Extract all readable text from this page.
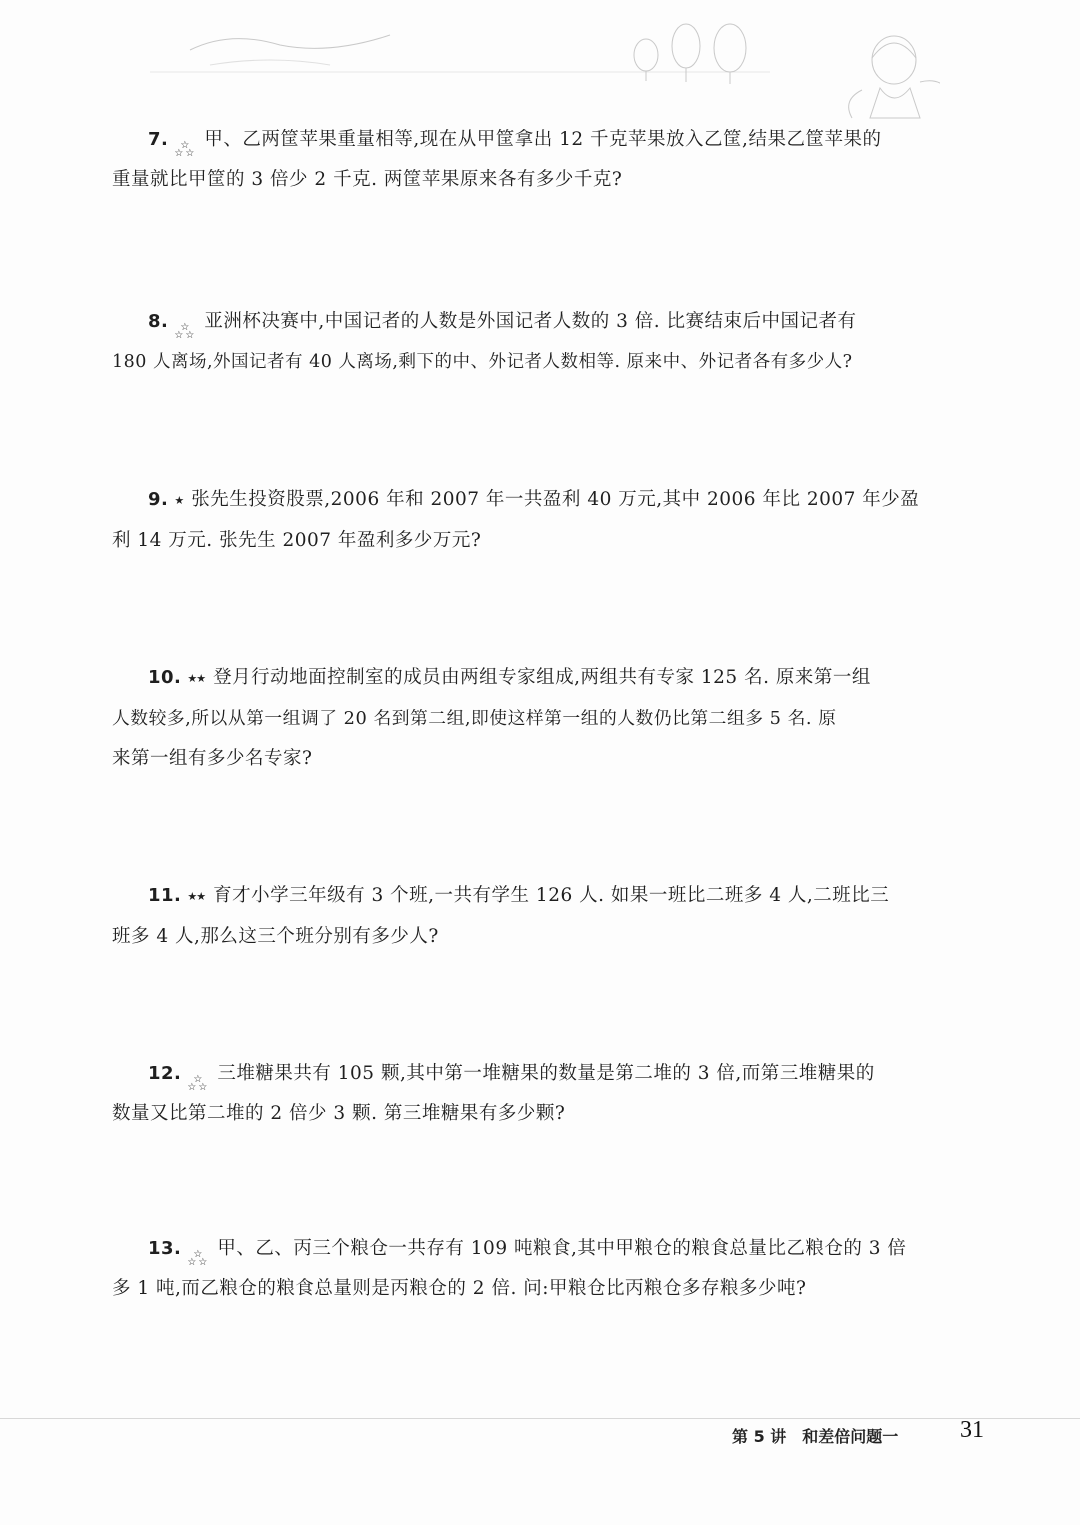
7. ☆
☆ ☆
甲、乙两筐苹果重量相等,现在从甲筐拿出 12 千克苹果放入乙筐,结果乙筐苹果的
重量就比甲筐的 3 倍少 2 千克. 两筐苹果原来各有多少千克?
8. ☆
☆ ☆
亚洲杯决赛中,中国记者的人数是外国记者人数的 3 倍. 比赛结束后中国记者有
180 人离场,外国记者有 40 人离场,剩下的中、外记者人数相等. 原来中、外记者各有多少人?
9. ★ 张先生投资股票,2006 年和 2007 年一共盈利 40 万元,其中 2006 年比 2007 年少盈
利 14 万元. 张先生 2007 年盈利多少万元?
10. ★★ 登月行动地面控制室的成员由两组专家组成,两组共有专家 125 名. 原来第一组
人数较多,所以从第一组调了 20 名到第二组,即使这样第一组的人数仍比第二组多 5 名. 原
来第一组有多少名专家?
11. ★★ 育才小学三年级有 3 个班,一共有学生 126 人. 如果一班比二班多 4 人,二班比三
班多 4 人,那么这三个班分别有多少人?
12. ☆
☆ ☆
三堆糖果共有 105 颗,其中第一堆糖果的数量是第二堆的 3 倍,而第三堆糖果的
数量又比第二堆的 2 倍少 3 颗. 第三堆糖果有多少颗?
13. ☆
☆ ☆
甲、乙、丙三个粮仓一共存有 109 吨粮食,其中甲粮仓的粮食总量比乙粮仓的 3 倍
多 1 吨,而乙粮仓的粮食总量则是丙粮仓的 2 倍. 问:甲粮仓比丙粮仓多存粮多少吨?
第 5 讲　和差倍问题一	31
